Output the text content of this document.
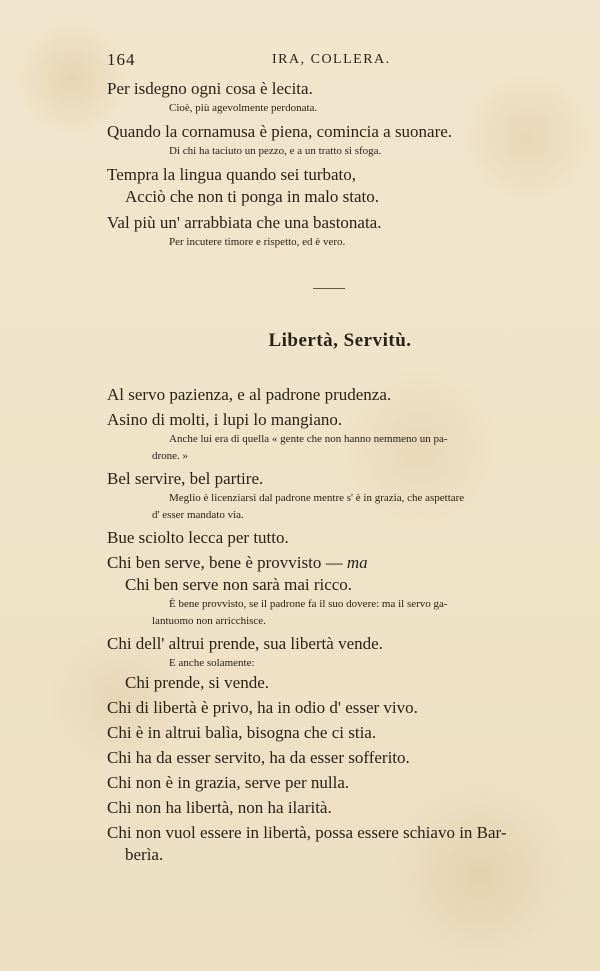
164	IRA, COLLERA.
Per isdegno ogni cosa è lecita.
Cioè, più agevolmente perdonata.
Quando la cornamusa è piena, comincia a suonare.
Di chi ha taciuto un pezzo, e a un tratto si sfoga.
Tempra la lingua quando sei turbato,
Acciò che non ti ponga in malo stato.
Val più un' arrabbiata che una bastonata.
Per incutere timore e rispetto, ed è vero.
Libertà, Servitù.
Al servo pazienza, e al padrone prudenza.
Asino di molti, i lupi lo mangiano.
Anche lui era di quella « gente che non hanno nemmeno un pa-
drone. »
Bel servire, bel partire.
Meglio è licenziarsi dal padrone mentre s' è in grazia, che aspettare
d' esser mandato via.
Bue sciolto lecca per tutto.
Chi ben serve, bene è provvisto — ma
Chi ben serve non sarà mai ricco.
È bene provvisto, se il padrone fa il suo dovere: ma il servo ga-
lantuomo non arricchisce.
Chi dell' altrui prende, sua libertà vende.
E anche solamente:
Chi prende, si vende.
Chi di libertà è privo, ha in odio d' esser vivo.
Chi è in altrui balìa, bisogna che ci stia.
Chi ha da esser servito, ha da esser sofferito.
Chi non è in grazia, serve per nulla.
Chi non ha libertà, non ha ilarità.
Chi non vuol essere in libertà, possa essere schiavo in Bar-
berìa.
